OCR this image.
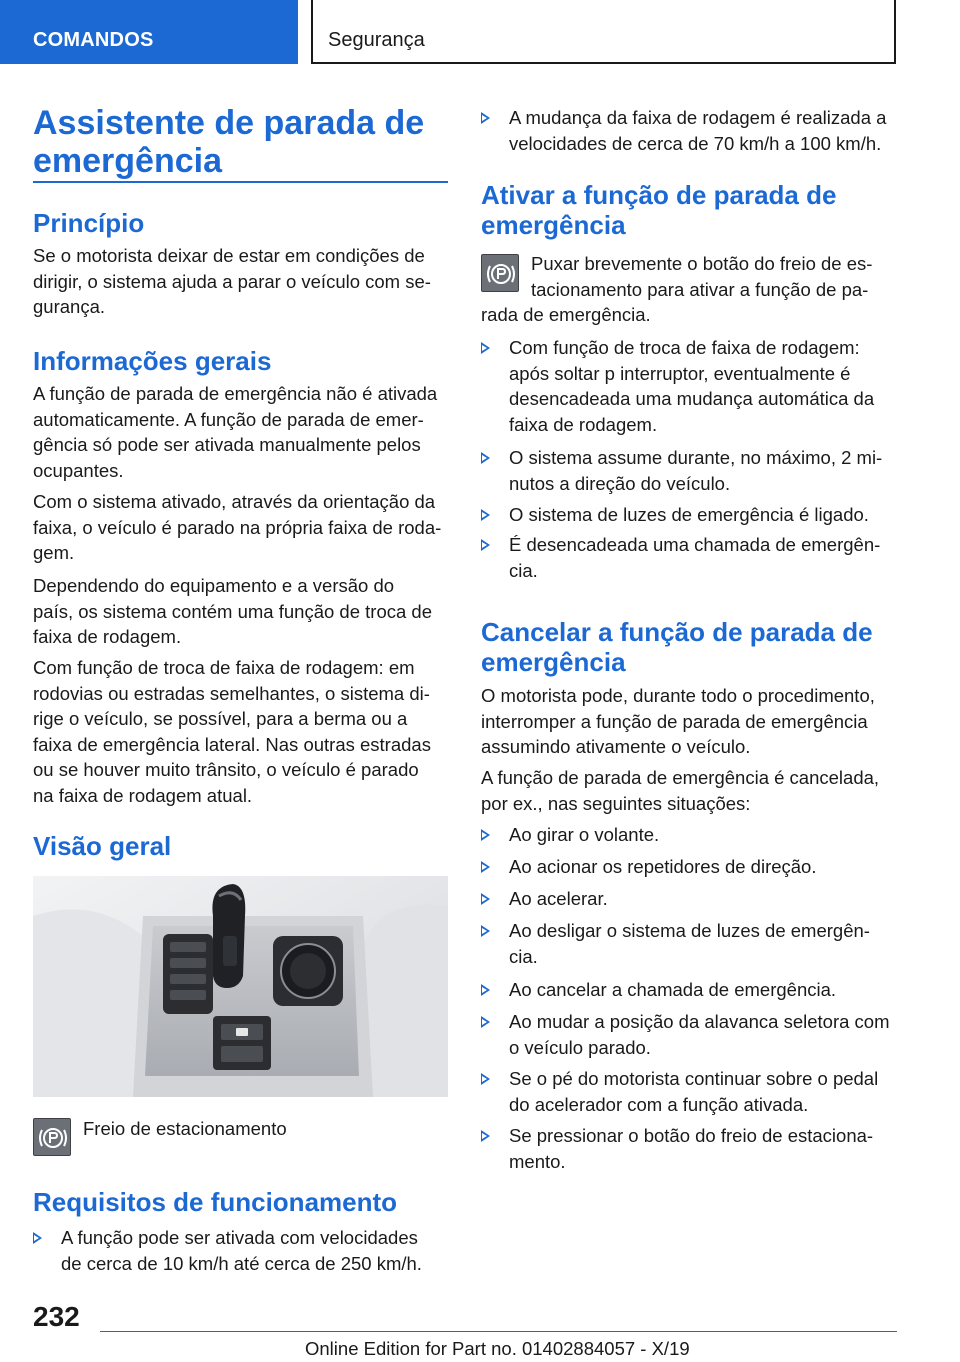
COMANDOS	Segurança
Assistente de parada de
emergência
Princípio
Se o motorista deixar de estar em condições de
dirigir, o sistema ajuda a parar o veículo com se‐
gurança.
Informações gerais
A função de parada de emergência não é ativada
automaticamente. A função de parada de emer‐
gência só pode ser ativada manualmente pelos
ocupantes.
Com o sistema ativado, através da orientação da
faixa, o veículo é parado na própria faixa de roda‐
gem.
Dependendo do equipamento e a versão do
país, os sistema contém uma função de troca de
faixa de rodagem.
Com função de troca de faixa de rodagem: em
rodovias ou estradas semelhantes, o sistema di‐
rige o veículo, se possível, para a berma ou a
faixa de emergência lateral. Nas outras estradas
ou se houver muito trânsito, o veículo é parado
na faixa de rodagem atual.
Visão geral
Freio de estacionamento
Requisitos de funcionamento
A função pode ser ativada com velocidades
de cerca de 10 km/h até cerca de 250 km/h.
A mudança da faixa de rodagem é realizada a
velocidades de cerca de 70 km/h a 100 km/h.
Ativar a função de parada de
emergência
Puxar brevemente o botão do freio de es‐
tacionamento para ativar a função de pa‐
rada de emergência.
Com função de troca de faixa de rodagem:
após soltar p interruptor, eventualmente é
desencadeada uma mudança automática da
faixa de rodagem.
O sistema assume durante, no máximo, 2 mi‐
nutos a direção do veículo.
O sistema de luzes de emergência é ligado.
É desencadeada uma chamada de emergên‐
cia.
Cancelar a função de parada de
emergência
O motorista pode, durante todo o procedimento,
interromper a função de parada de emergência
assumindo ativamente o veículo.
A função de parada de emergência é cancelada,
por ex., nas seguintes situações:
Ao girar o volante.
Ao acionar os repetidores de direção.
Ao acelerar.
Ao desligar o sistema de luzes de emergên‐
cia.
Ao cancelar a chamada de emergência.
Ao mudar a posição da alavanca seletora com
o veículo parado.
Se o pé do motorista continuar sobre o pedal
do acelerador com a função ativada.
Se pressionar o botão do freio de estaciona‐
mento.
232
Online Edition for Part no. 01402884057 - X/19
